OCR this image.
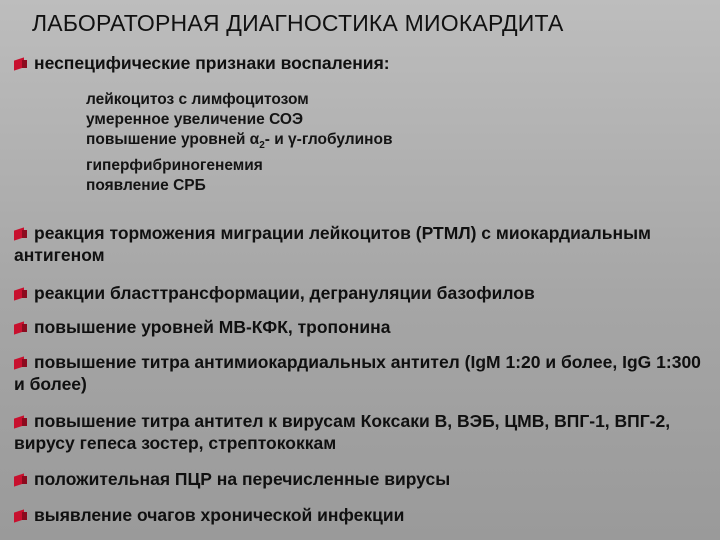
ЛАБОРАТОРНАЯ ДИАГНОСТИКА МИОКАРДИТА
неспецифические признаки воспаления:
лейкоцитоз с лимфоцитозом
умеренное увеличение СОЭ
повышение уровней $\alpha_2-$ и γ-глобулинов
гиперфибриногенемия
появление СРБ
реакция торможения миграции лейкоцитов (РТМЛ) с миокардиальным антигеном
реакции бласттрансформации, дегрануляции базофилов
повышение уровней МВ-КФК, тропонина
повышение титра антимиокардиальных антител (IgM 1:20 и более, IgG 1:300 и более)
повышение титра антител к вирусам Коксаки В, ВЭБ, ЦМВ, ВПГ-1, ВПГ-2, вирусу гепеса зостер, стрептококкам
положительная ПЦР на перечисленные вирусы
выявление очагов хронической инфекции
